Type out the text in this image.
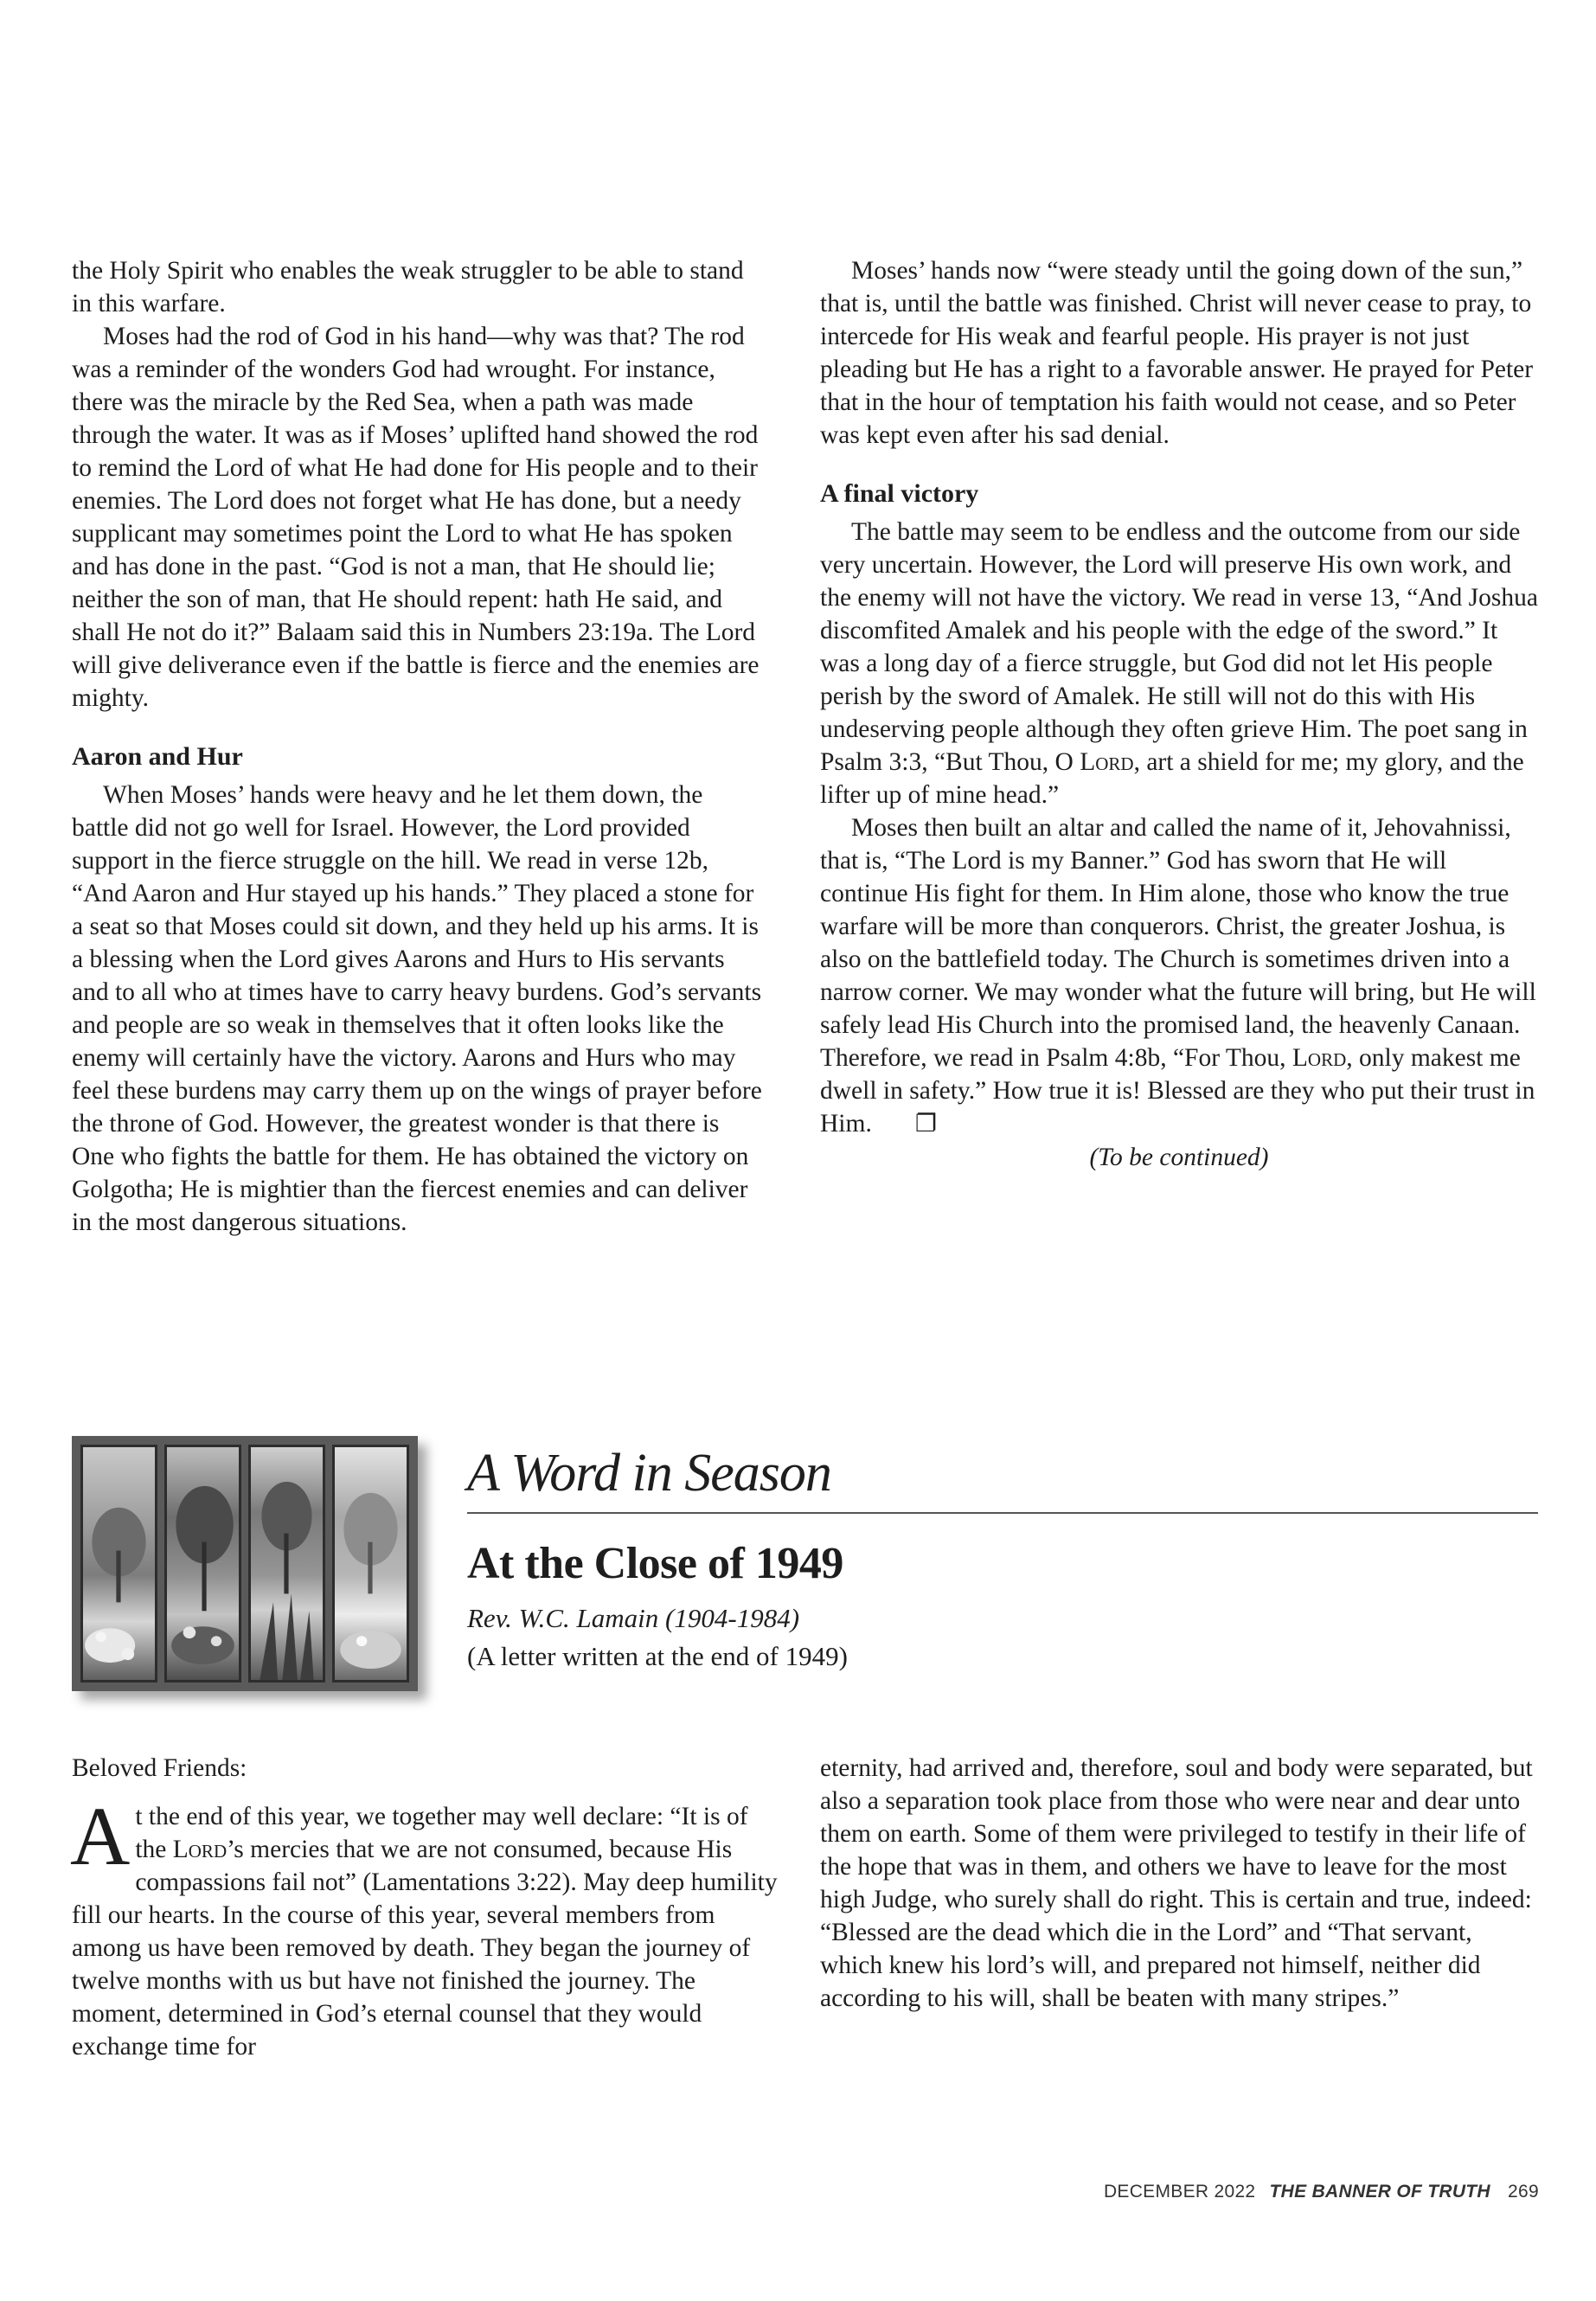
the Holy Spirit who enables the weak struggler to be able to stand in this warfare.

Moses had the rod of God in his hand—why was that? The rod was a reminder of the wonders God had wrought. For instance, there was the miracle by the Red Sea, when a path was made through the water. It was as if Moses’ uplifted hand showed the rod to remind the Lord of what He had done for His people and to their enemies. The Lord does not forget what He has done, but a needy supplicant may sometimes point the Lord to what He has spoken and has done in the past. “God is not a man, that He should lie; neither the son of man, that He should repent: hath He said, and shall He not do it?” Balaam said this in Numbers 23:19a. The Lord will give deliverance even if the battle is fierce and the enemies are mighty.

Aaron and Hur

When Moses’ hands were heavy and he let them down, the battle did not go well for Israel. However, the Lord provided support in the fierce struggle on the hill. We read in verse 12b, “And Aaron and Hur stayed up his hands.” They placed a stone for a seat so that Moses could sit down, and they held up his arms. It is a blessing when the Lord gives Aarons and Hurs to His servants and to all who at times have to carry heavy burdens. God’s servants and people are so weak in themselves that it often looks like the enemy will certainly have the victory. Aarons and Hurs who may feel these burdens may carry them up on the wings of prayer before the throne of God. However, the greatest wonder is that there is One who fights the battle for them. He has obtained the victory on Golgotha; He is mightier than the fiercest enemies and can deliver in the most dangerous situations.

Moses’ hands now “were steady until the going down of the sun,” that is, until the battle was finished. Christ will never cease to pray, to intercede for His weak and fearful people. His prayer is not just pleading but He has a right to a favorable answer. He prayed for Peter that in the hour of temptation his faith would not cease, and so Peter was kept even after his sad denial.

A final victory

The battle may seem to be endless and the outcome from our side very uncertain. However, the Lord will preserve His own work, and the enemy will not have the victory. We read in verse 13, “And Joshua discomfited Amalek and his people with the edge of the sword.” It was a long day of a fierce struggle, but God did not let His people perish by the sword of Amalek. He still will not do this with His undeserving people although they often grieve Him. The poet sang in Psalm 3:3, “But Thou, O Lord, art a shield for me; my glory, and the lifter up of mine head.”

Moses then built an altar and called the name of it, Jehovahnissi, that is, “The Lord is my Banner.” God has sworn that He will continue His fight for them. In Him alone, those who know the true warfare will be more than conquerors. Christ, the greater Joshua, is also on the battlefield today. The Church is sometimes driven into a narrow corner. We may wonder what the future will bring, but He will safely lead His Church into the promised land, the heavenly Canaan. Therefore, we read in Psalm 4:8b, “For Thou, Lord, only makest me dwell in safety.” How true it is! Blessed are they who put their trust in Him. ❐

(To be continued)

A Word in Season
At the Close of 1949
Rev. W.C. Lamain (1904-1984)
(A letter written at the end of 1949)

Beloved Friends:

At the end of this year, we together may well declare: “It is of the Lord’s mercies that we are not consumed, because His compassions fail not” (Lamentations 3:22). May deep humility fill our hearts. In the course of this year, several members from among us have been removed by death. They began the journey of twelve months with us but have not finished the journey. The moment, determined in God’s eternal counsel that they would exchange time for

eternity, had arrived and, therefore, soul and body were separated, but also a separation took place from those who were near and dear unto them on earth. Some of them were privileged to testify in their life of the hope that was in them, and others we have to leave for the most high Judge, who surely shall do right. This is certain and true, indeed: “Blessed are the dead which die in the Lord” and “That servant, which knew his lord’s will, and prepared not himself, neither did according to his will, shall be beaten with many stripes.”

DECEMBER 2022 THE BANNER OF TRUTH 269
